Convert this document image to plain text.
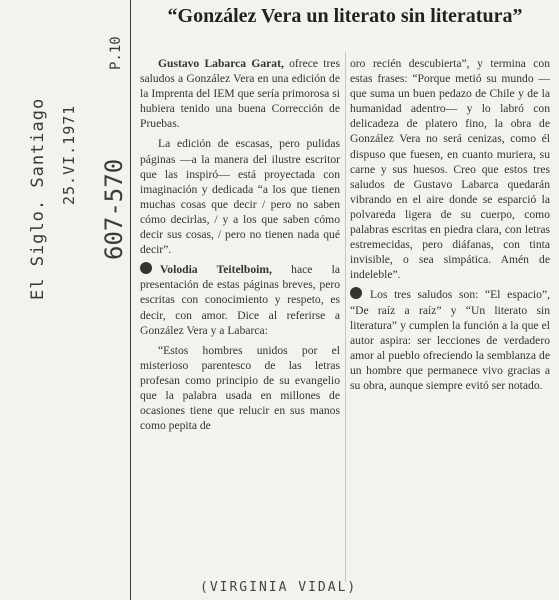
El Siglo. Santiago 25.VI.1971
607-570
P.10
“González Vera un literato sin literatura”

Gustavo Labarca Garat, ofrece tres saludos a González Vera en una edición de la Imprenta del IEM que sería primorosa si hubiera tenido una buena Corrección de Pruebas.

La edición de escasas, pero pulidas páginas —a la manera del ilustre escritor que las inspiró— está proyectada con imaginación y dedicada “a los que tienen muchas cosas que decir / pero no saben cómo decirlas, / y a los que saben cómo decir sus cosas, / pero no tienen nada qué decir”.

Volodia Teitelboim, hace la presentación de estas páginas breves, pero escritas con conocimiento y respeto, es decir, con amor. Dice al referirse a González Vera y a Labarca:

“Estos hombres unidos por el misterioso parentesco de las letras profesan como principio de su evangelio que la palabra usada en millones de ocasiones tiene que relucir en sus manos como pepita de

oro recién descubierta”, y termina con estas frases: “Porque metió su mundo —que suma un buen pedazo de Chile y de la humanidad adentro— y lo labró con delicadeza de platero fino, la obra de González Vera no será cenizas, como él dispuso que fuesen, en cuanto muriera, su carne y sus huesos. Creo que estos tres saludos de Gustavo Labarca quedarán vibrando en el aire donde se esparció la polvareda ligera de su cuerpo, como palabras escritas en piedra clara, con letras estremecidas, pero diáfanas, con tinta invisible, o sea simpática. Amén de indeleble”.

Los tres saludos son: “El espacio”, “De raíz a raíz” y “Un literato sin literatura” y cumplen la función a la que el autor aspira: ser lecciones de verdadero amor al pueblo ofreciendo la semblanza de un hombre que permanece vivo gracias a su obra, aunque siempre evitó ser notado.

(VIRGINIA VIDAL)
